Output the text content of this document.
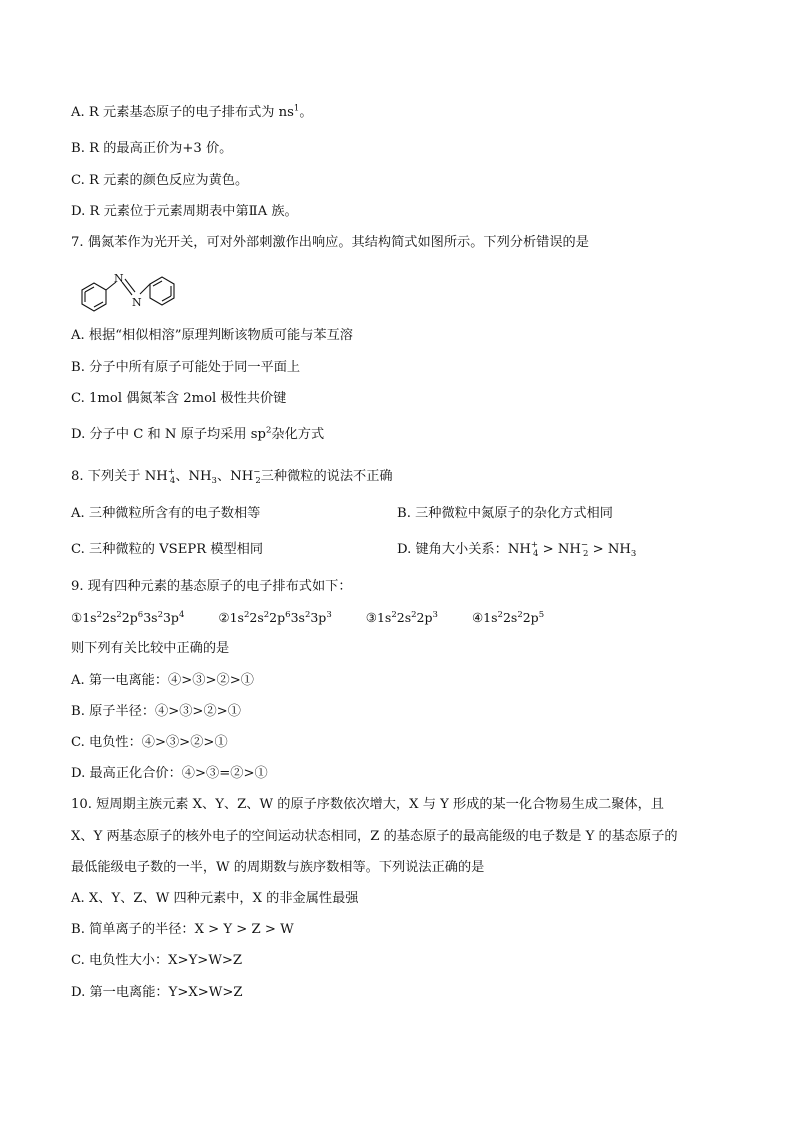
A. R 元素基态原子的电子排布式为 $ns^1$。
B. R 的最高正价为+3 价。
C. R 元素的颜色反应为黄色。
D. R 元素位于元素周期表中第ⅡA 族。
7. 偶氮苯作为光开关，可对外部刺激作出响应。其结构简式如图所示。下列分析错误的是
N
N
A. 根据“相似相溶”原理判断该物质可能与苯互溶
B. 分子中所有原子可能处于同一平面上
C. 1mol 偶氮苯含 2mol 极性共价键
D. 分子中 C 和 N 原子均采用 $sp^2$杂化方式
8. 下列关于 $NH^+_4$、$NH_3$、$NH^-_2$三种微粒的说法不正确
A. 三种微粒所含有的电子数相等	B. 三种微粒中氮原子的杂化方式相同
C. 三种微粒的 VSEPR 模型相同	D. 键角大小关系：$NH^+_4 > NH^-_2 > NH_3$
9. 现有四种元素的基态原子的电子排布式如下：
$①1s^22s^22p^63s^23p^4$	$②1s^22s^22p^63s^23p^3$	$③1s^22s^22p^3$	$④1s^22s^22p^5$
则下列有关比较中正确的是
A. 第一电离能：④>③>②>①
B. 原子半径：④>③>②>①
C. 电负性：④>③>②>①
D. 最高正化合价：④>③=②>①
10. 短周期主族元素 X、Y、Z、W 的原子序数依次增大，X 与 Y 形成的某一化合物易生成二聚体，且
X、Y 两基态原子的核外电子的空间运动状态相同，Z 的基态原子的最高能级的电子数是 Y 的基态原子的
最低能级电子数的一半，W 的周期数与族序数相等。下列说法正确的是
A. X、Y、Z、W 四种元素中，X 的非金属性最强
B. 简单离子的半径：X > Y > Z > W
C. 电负性大小：X>Y>W>Z
D. 第一电离能：Y>X>W>Z
